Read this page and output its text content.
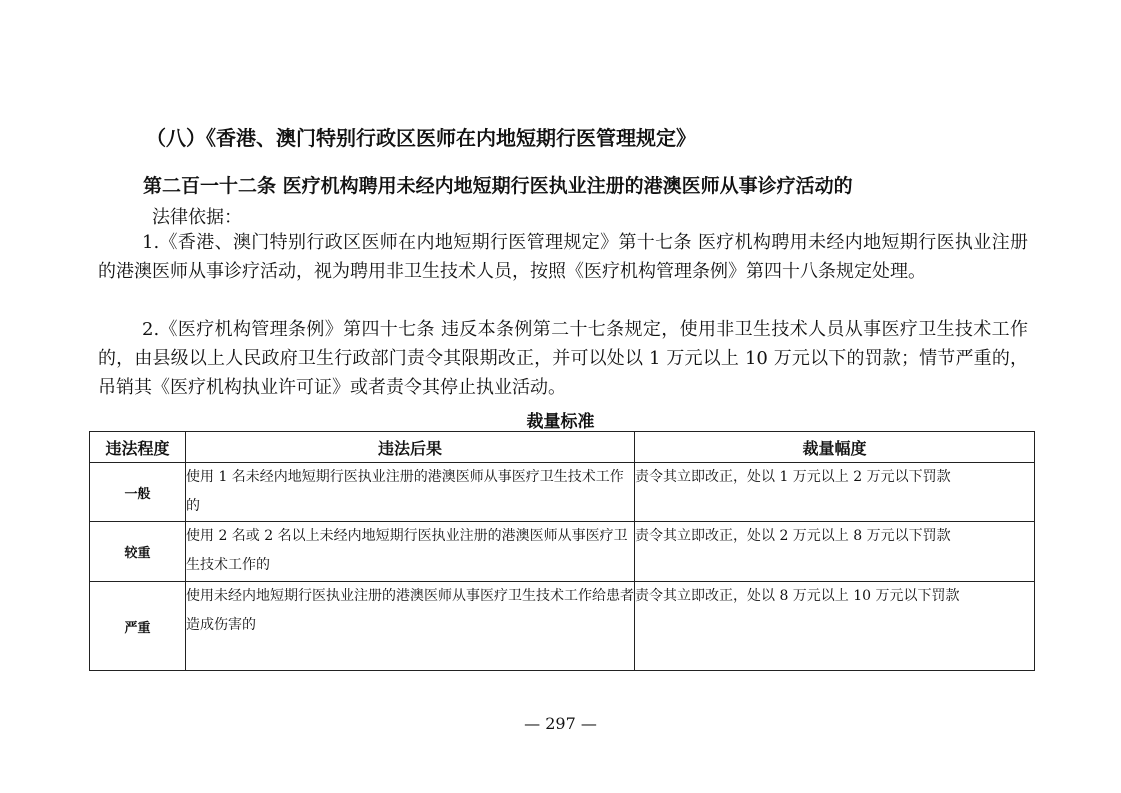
（八）《香港、澳门特别行政区医师在内地短期行医管理规定》
第二百一十二条 医疗机构聘用未经内地短期行医执业注册的港澳医师从事诊疗活动的
法律依据：
1.《香港、澳门特别行政区医师在内地短期行医管理规定》第十七条 医疗机构聘用未经内地短期行医执业注册的港澳医师从事诊疗活动，视为聘用非卫生技术人员，按照《医疗机构管理条例》第四十八条规定处理。
2.《医疗机构管理条例》第四十七条 违反本条例第二十七条规定，使用非卫生技术人员从事医疗卫生技术工作的，由县级以上人民政府卫生行政部门责令其限期改正，并可以处以 1 万元以上 10 万元以下的罚款；情节严重的，吊销其《医疗机构执业许可证》或者责令其停止执业活动。
裁量标准
违法程度	违法后果	裁量幅度
一般	使用 1 名未经内地短期行医执业注册的港澳医师从事医疗卫生技术工作的	责令其立即改正，处以 1 万元以上 2 万元以下罚款
较重	使用 2 名或 2 名以上未经内地短期行医执业注册的港澳医师从事医疗卫生技术工作的	责令其立即改正，处以 2 万元以上 8 万元以下罚款
严重	使用未经内地短期行医执业注册的港澳医师从事医疗卫生技术工作给患者造成伤害的	责令其立即改正，处以 8 万元以上 10 万元以下罚款
— 297 —
